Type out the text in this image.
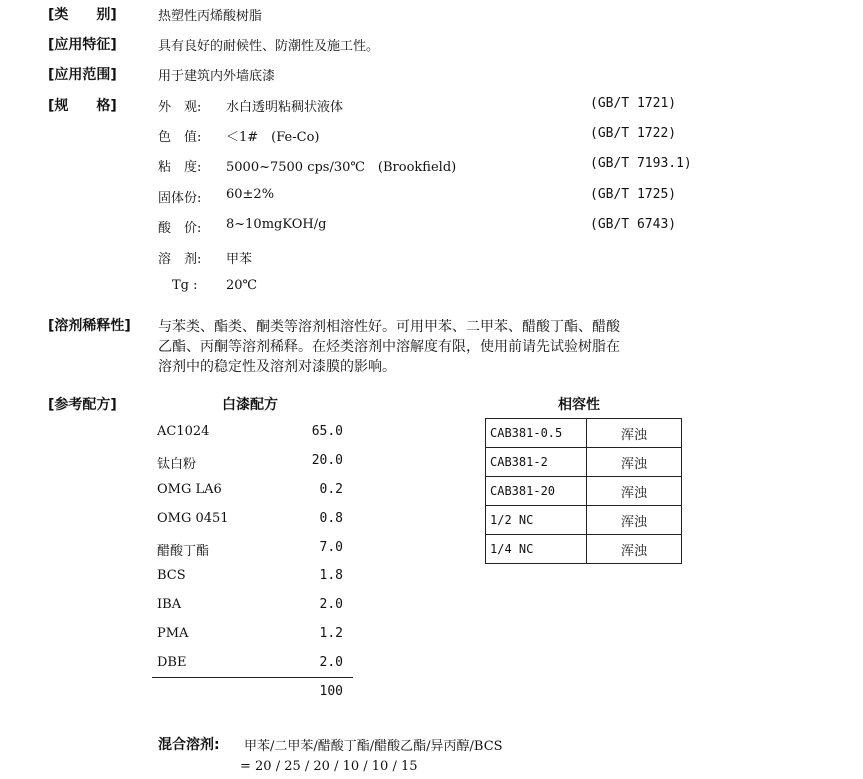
[类　　别]	热塑性丙烯酸树脂
[应用特征]	具有良好的耐候性、防潮性及施工性。
[应用范围]	用于建筑内外墙底漆
[规　　格]	外　观: 水白透明粘稠状液体	(GB/T 1721)
色　值: ＜1#　(Fe-Co)	(GB/T 1722)
粘　度: 5000~7500 cps/30℃　(Brookfield)	(GB/T 7193.1)
固体份: 60±2%	(GB/T 1725)
酸　价: 8~10mgKOH/g	(GB/T 6743)
溶　剂: 甲苯
Tg : 20℃
[溶剂稀释性] 与苯类、酯类、酮类等溶剂相溶性好。可用甲苯、二甲苯、醋酸丁酯、醋酸
乙酯、丙酮等溶剂稀释。在烃类溶剂中溶解度有限，使用前请先试验树脂在
溶剂中的稳定性及溶剂对漆膜的影响。
[参考配方]	白漆配方
AC1024	65.0
钛白粉	20.0
OMG LA6	0.2
OMG 0451	0.8
醋酸丁酯	7.0
BCS	1.8
IBA	2.0
PMA	1.2
DBE	2.0
100
相容性
CAB381-0.5	浑浊
CAB381-2	浑浊
CAB381-20	浑浊
1/2 NC	浑浊
1/4 NC	浑浊
混合溶剂: 甲苯/二甲苯/醋酸丁酯/醋酸乙酯/异丙醇/BCS
= 20 / 25 / 20 / 10 / 10 / 15
